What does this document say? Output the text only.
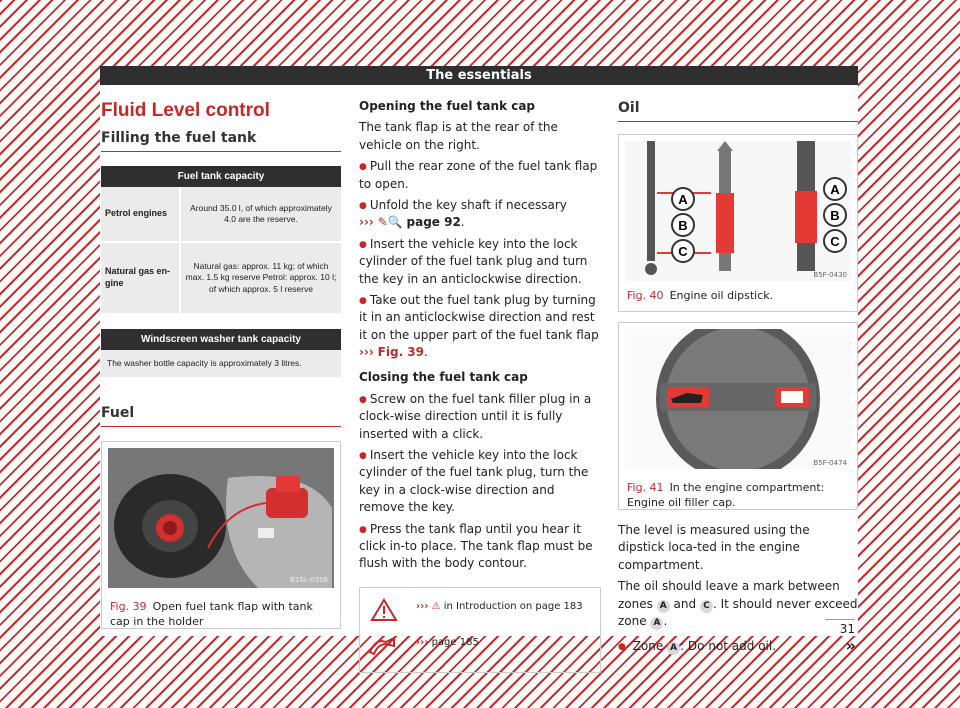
The essentials
Fluid Level control
Filling the fuel tank
Fuel tank capacity	
Petrol engines	Around 35.0 l, of which approximately 4.0 are the reserve.
Natural gas en-gine	Natural gas: approx. 11 kg; of which max. 1.5 kg reserve Petrol: approx. 10 l; of which approx. 5 l reserve
Windscreen washer tank capacity
The washer bottle capacity is approximately 3 litres.
Fuel
B1SL-0356
Fig. 39 Open fuel tank flap with tank cap in the holder
Opening the fuel tank cap
The tank flap is at the rear of the vehicle on the right.
● Pull the rear zone of the fuel tank flap to open.
● Unfold the key shaft if necessary
››› ✎🔍 page 92.
● Insert the vehicle key into the lock cylinder of the fuel tank plug and turn the key in an anticlockwise direction.
● Take out the fuel tank plug by turning it in an anticlockwise direction and rest it on the upper part of the fuel tank flap ››› Fig. 39.
Closing the fuel tank cap
● Screw on the fuel tank filler plug in a clock-wise direction until it is fully inserted with a click.
● Insert the vehicle key into the lock cylinder of the fuel tank plug, turn the key in a clock-wise direction and remove the key.
● Press the tank flap until you hear it click in-to place. The tank flap must be flush with the body contour.
››› ⚠ in Introduction on page 183
››› page 185
Oil
A
B
C
A
B
C
B5F-0430
Fig. 40 Engine oil dipstick.
B5F-0474
Fig. 41 In the engine compartment: Engine oil filler cap.
The level is measured using the dipstick loca-ted in the engine compartment.
The oil should leave a mark between zones A and C . It should never exceed zone A .
● Zone A : Do not add oil.	»
31
